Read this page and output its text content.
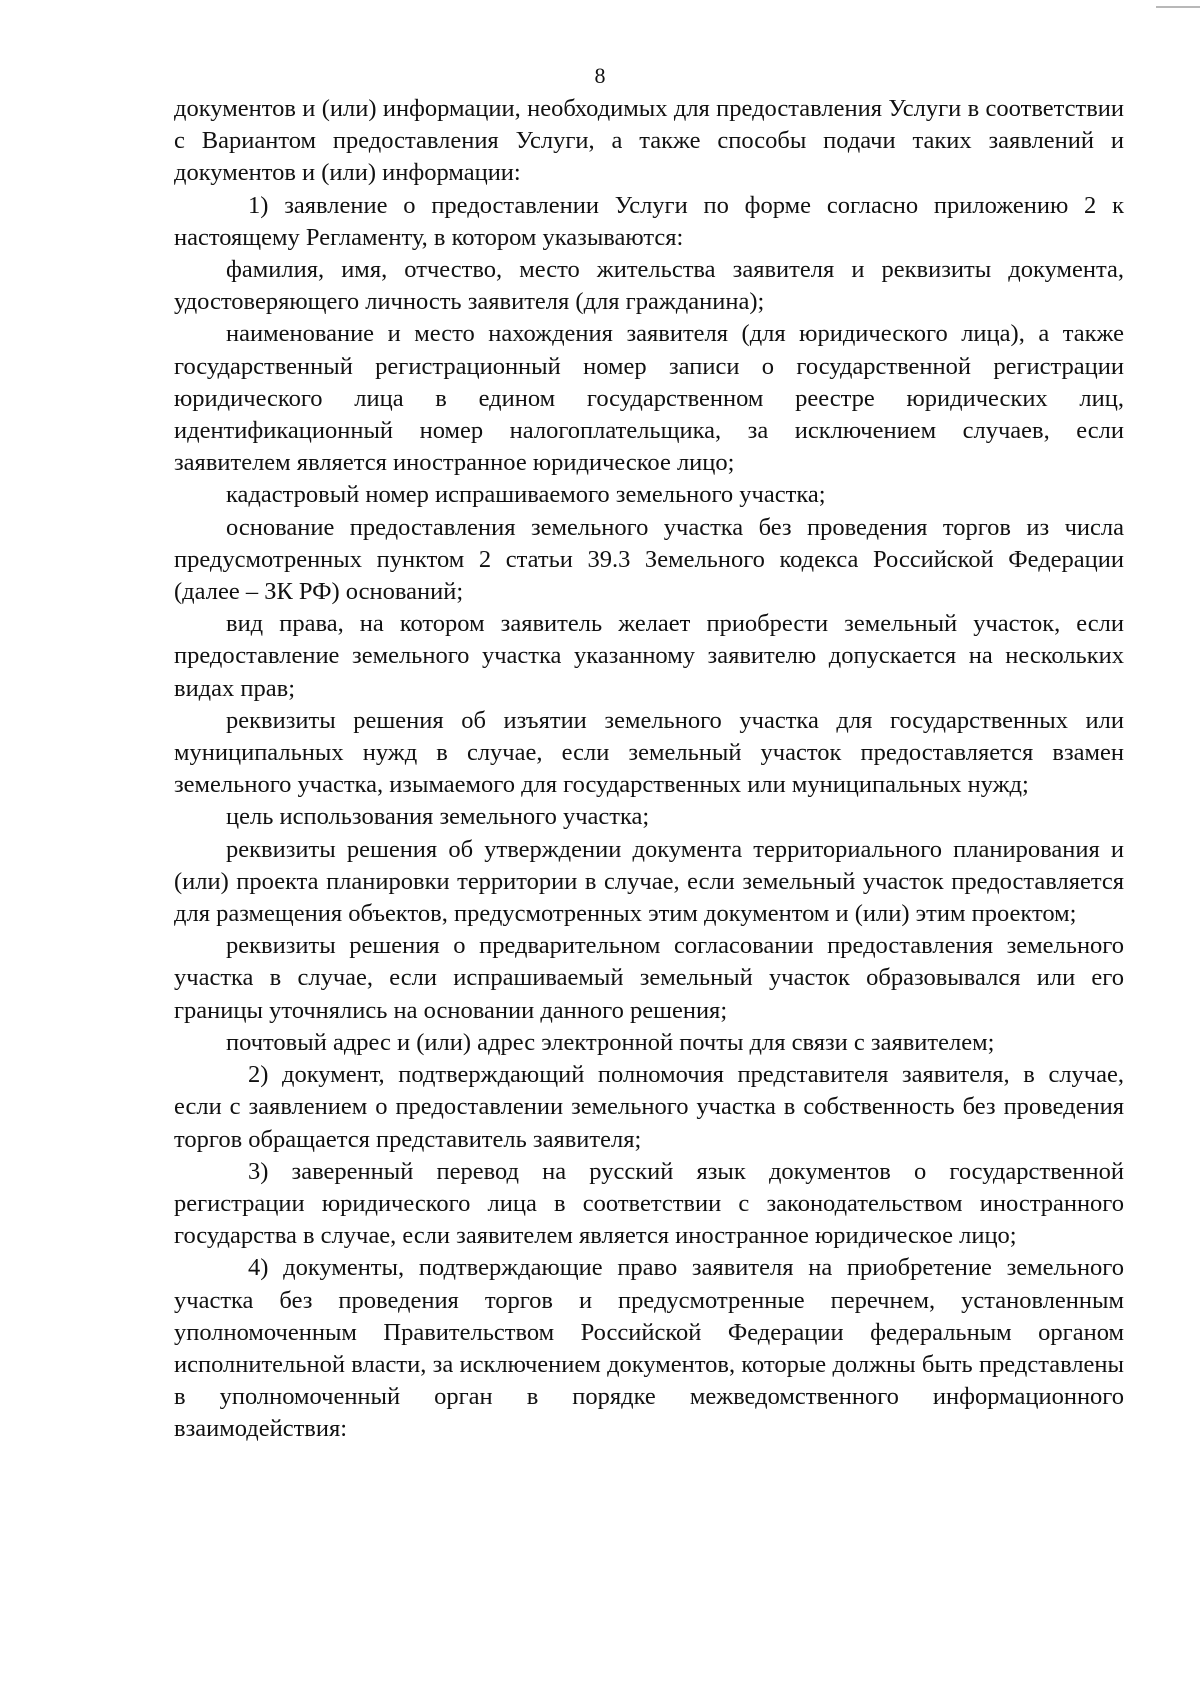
8

документов и (или) информации, необходимых для предоставления Услуги в соответствии с Вариантом предоставления Услуги, а также способы подачи таких заявлений и документов и (или) информации:

1) заявление о предоставлении Услуги по форме согласно приложению 2 к настоящему Регламенту, в котором указываются:

фамилия, имя, отчество, место жительства заявителя и реквизиты документа, удостоверяющего личность заявителя (для гражданина);

наименование и место нахождения заявителя (для юридического лица), а также государственный регистрационный номер записи о государственной регистрации юридического лица в едином государственном реестре юридических лиц, идентификационный номер налогоплательщика, за исключением случаев, если заявителем является иностранное юридическое лицо;

кадастровый номер испрашиваемого земельного участка;

основание предоставления земельного участка без проведения торгов из числа предусмотренных пунктом 2 статьи 39.3 Земельного кодекса Российской Федерации (далее – ЗК РФ) оснований;

вид права, на котором заявитель желает приобрести земельный участок, если предоставление земельного участка указанному заявителю допускается на нескольких видах прав;

реквизиты решения об изъятии земельного участка для государственных или муниципальных нужд в случае, если земельный участок предоставляется взамен земельного участка, изымаемого для государственных или муниципальных нужд;

цель использования земельного участка;

реквизиты решения об утверждении документа территориального планирования и (или) проекта планировки территории в случае, если земельный участок предоставляется для размещения объектов, предусмотренных этим документом и (или) этим проектом;

реквизиты решения о предварительном согласовании предоставления земельного участка в случае, если испрашиваемый земельный участок образовывался или его границы уточнялись на основании данного решения;

почтовый адрес и (или) адрес электронной почты для связи с заявителем;

2) документ, подтверждающий полномочия представителя заявителя, в случае, если с заявлением о предоставлении земельного участка в собственность без проведения торгов обращается представитель заявителя;

3) заверенный перевод на русский язык документов о государственной регистрации юридического лица в соответствии с законодательством иностранного государства в случае, если заявителем является иностранное юридическое лицо;

4) документы, подтверждающие право заявителя на приобретение земельного участка без проведения торгов и предусмотренные перечнем, установленным уполномоченным Правительством Российской Федерации федеральным органом исполнительной власти, за исключением документов, которые должны быть представлены в уполномоченный орган в порядке межведомственного информационного взаимодействия:
